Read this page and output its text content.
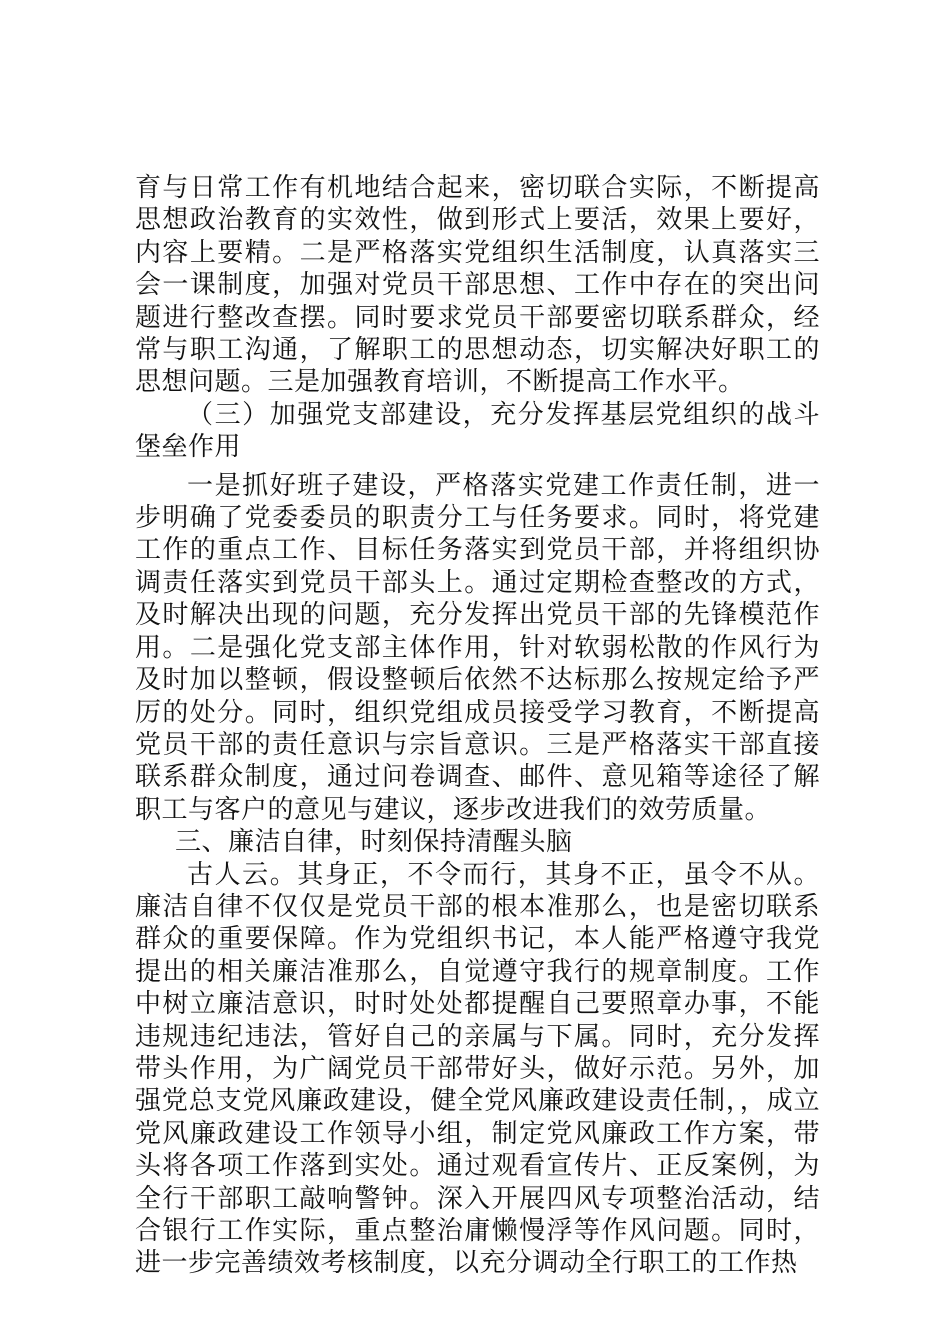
育与日常工作有机地结合起来，密切联合实际，不断提高思想政治教育的实效性，做到形式上要活，效果上要好，内容上要精。二是严格落实党组织生活制度，认真落实三会一课制度，加强对党员干部思想、工作中存在的突出问题进行整改查摆。同时要求党员干部要密切联系群众，经常与职工沟通，了解职工的思想动态，切实解决好职工的思想问题。三是加强教育培训，不断提高工作水平。

（三）加强党支部建设，充分发挥基层党组织的战斗堡垒作用

一是抓好班子建设，严格落实党建工作责任制，进一步明确了党委委员的职责分工与任务要求。同时，将党建工作的重点工作、目标任务落实到党员干部，并将组织协调责任落实到党员干部头上。通过定期检查整改的方式，及时解决出现的问题，充分发挥出党员干部的先锋模范作用。二是强化党支部主体作用，针对软弱松散的作风行为及时加以整顿，假设整顿后依然不达标那么按规定给予严厉的处分。同时，组织党组成员接受学习教育，不断提高党员干部的责任意识与宗旨意识。三是严格落实干部直接联系群众制度，通过问卷调查、邮件、意见箱等途径了解职工与客户的意见与建议，逐步改进我们的效劳质量。

三、廉洁自律，时刻保持清醒头脑

古人云。其身正，不令而行，其身不正，虽令不从。廉洁自律不仅仅是党员干部的根本准那么，也是密切联系群众的重要保障。作为党组织书记，本人能严格遵守我党提出的相关廉洁准那么，自觉遵守我行的规章制度。工作中树立廉洁意识，时时处处都提醒自己要照章办事，不能违规违纪违法，管好自己的亲属与下属。同时，充分发挥带头作用，为广阔党员干部带好头，做好示范。另外，加强党总支党风廉政建设，健全党风廉政建设责任制，，成立党风廉政建设工作领导小组，制定党风廉政工作方案，带头将各项工作落到实处。通过观看宣传片、正反案例，为全行干部职工敲响警钟。深入开展四风专项整治活动，结合银行工作实际，重点整治庸懒慢浮等作风问题。同时，进一步完善绩效考核制度，以充分调动全行职工的工作热
